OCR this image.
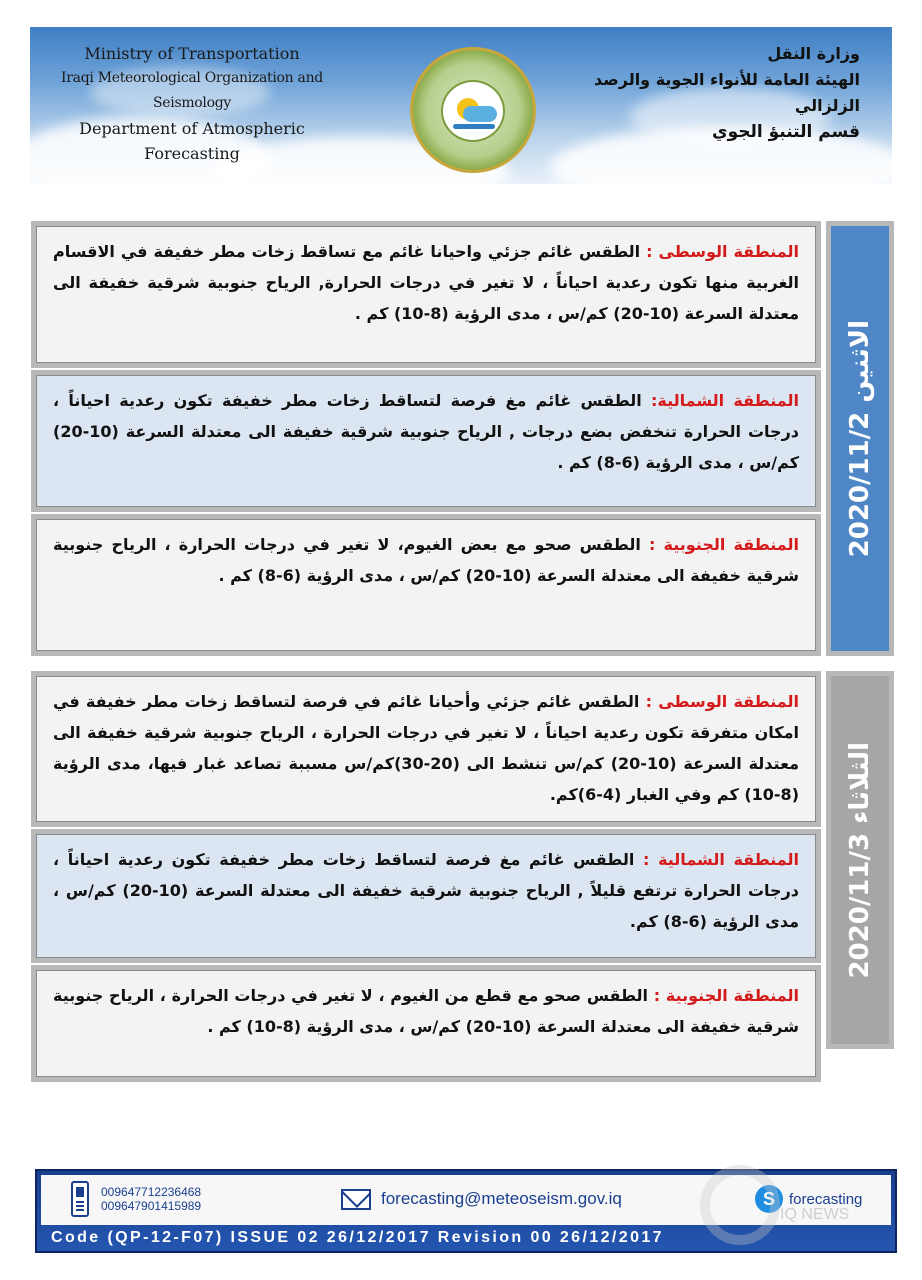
Ministry of Transportation
Iraqi Meteorological Organization and Seismology
Department of Atmospheric Forecasting
وزارة النقل
الهيئة العامة للأنواء الجوية والرصد الزلزالي
قسم التنبؤ الجوي
المنطقة الوسطى : الطقس غائم جزئي واحيانا غائم مع تساقط زخات مطر خفيفة في الاقسام الغربية منها تكون رعدية احياناً ، لا تغير في درجات الحرارة, الرياح جنوبية شرقية خفيفة الى معتدلة السرعة (10-20) كم/س ، مدى الرؤية (8-10) كم .
المنطقة الشمالية: الطقس غائم مغ فرصة لتساقط زخات مطر خفيفة تكون رعدية احياناً ، درجات الحرارة تنخفض بضع درجات , الرياح جنوبية شرقية خفيفة الى معتدلة السرعة (10-20) كم/س ، مدى الرؤية (6-8) كم .
المنطقة الجنوبية : الطقس صحو مع بعض الغيوم، لا تغير في درجات الحرارة ، الرياح جنوبية شرقية خفيفة الى معتدلة السرعة (10-20) كم/س ، مدى الرؤية (6-8) كم .
الاثنين 2020/11/2
المنطقة الوسطى : الطقس غائم جزئي وأحيانا غائم في فرصة لتساقط زخات مطر خفيفة في امكان متفرقة تكون رعدية احياناً ، لا تغير في درجات الحرارة ، الرياح جنوبية شرقية خفيفة الى معتدلة السرعة (10-20) كم/س تنشط الى (20-30)كم/س مسببة تصاعد غبار فيها، مدى الرؤية (8-10) كم وفي الغبار (4-6)كم.
المنطقة الشمالية : الطقس غائم مغ فرصة لتساقط زخات مطر خفيفة تكون رعدية احياناً ، درجات الحرارة ترتفع قليلاً , الرياح جنوبية شرقية خفيفة الى معتدلة السرعة (10-20) كم/س ، مدى الرؤية (6-8) كم.
المنطقة الجنوبية : الطقس صحو مع قطع من الغيوم ، لا تغير في درجات الحرارة ، الرياح جنوبية شرقية خفيفة الى معتدلة السرعة (10-20) كم/س ، مدى الرؤية (8-10) كم .
الثلاثاء 2020/11/3
009647712236468
009647901415989	forecasting@meteoseism.gov.iq	S forecasting
Code (QP-12-F07) ISSUE 02 26/12/2017 Revision 00 26/12/2017
IQ NEWS
